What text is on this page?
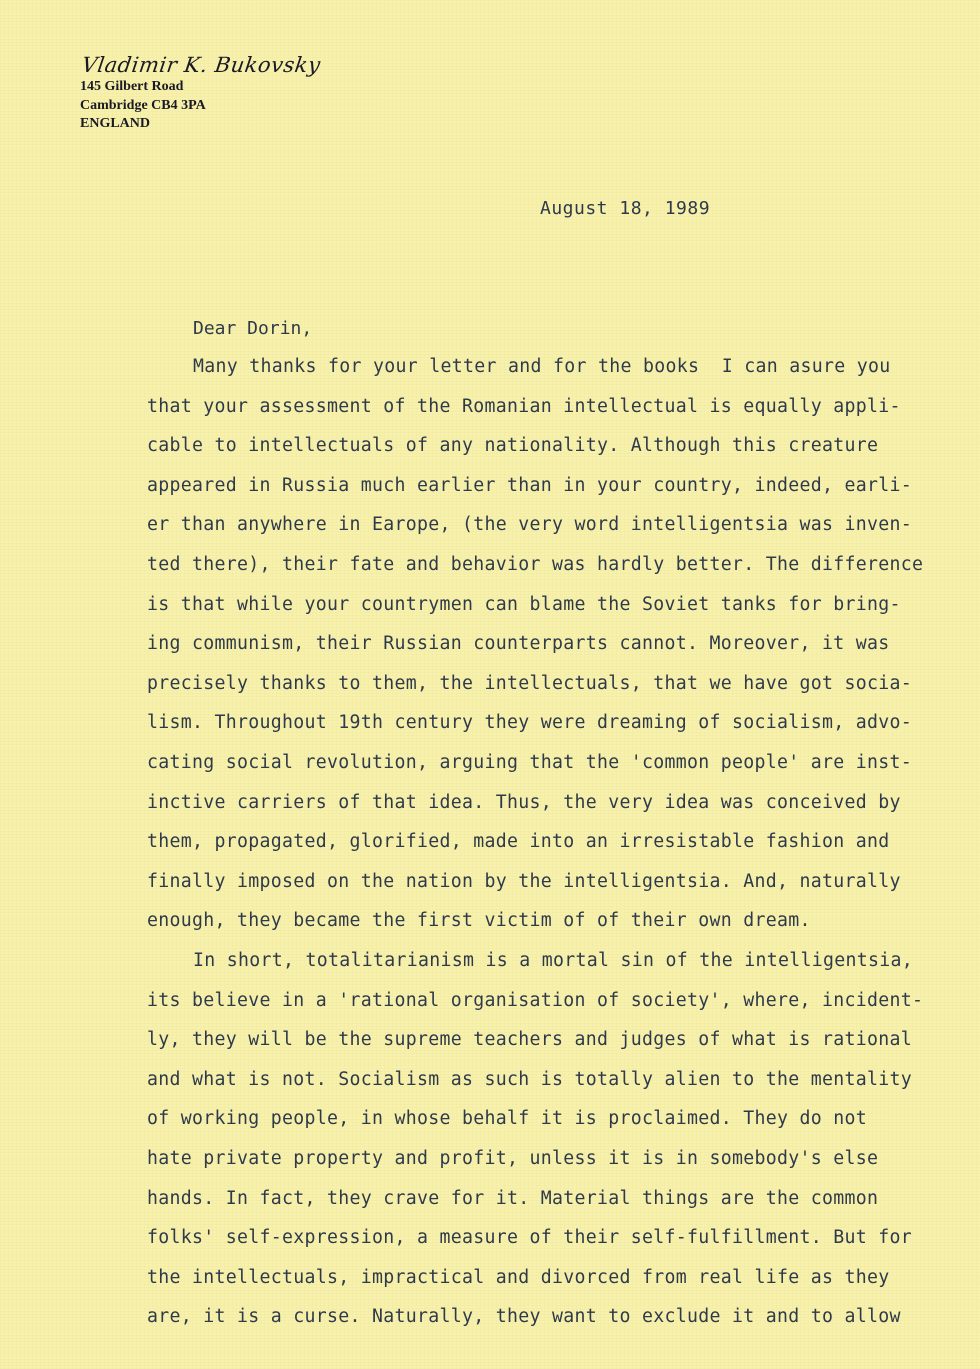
Vladimir K. Bukovsky
145 Gilbert Road
Cambridge CB4 3PA
ENGLAND
August 18, 1989
Dear Dorin,
Many thanks for your letter and for the books  I can asure you
that your assessment of the Romanian intellectual is equally appli-
cable to intellectuals of any nationality. Although this creature
appeared in Russia much earlier than in your country, indeed, earli-
er than anywhere in Earope, (the very word intelligentsia was inven-
ted there), their fate and behavior was hardly better. The difference
is that while your countrymen can blame the Soviet tanks for bring-
ing communism, their Russian counterparts cannot. Moreover, it was
precisely thanks to them, the intellectuals, that we have got socia-
lism. Throughout 19th century they were dreaming of socialism, advo-
cating social revolution, arguing that the 'common people' are inst-
inctive carriers of that idea. Thus, the very idea was conceived by
them, propagated, glorified, made into an irresistable fashion and
finally imposed on the nation by the intelligentsia. And, naturally
enough, they became the first victim of of their own dream.
In short, totalitarianism is a mortal sin of the intelligentsia,
its believe in a 'rational organisation of society', where, incident-
ly, they will be the supreme teachers and judges of what is rational
and what is not. Socialism as such is totally alien to the mentality
of working people, in whose behalf it is proclaimed. They do not
hate private property and profit, unless it is in somebody's else
hands. In fact, they crave for it. Material things are the common
folks' self-expression, a measure of their self-fulfillment. But for
the intellectuals, impractical and divorced from real life as they
are, it is a curse. Naturally, they want to exclude it and to allow
